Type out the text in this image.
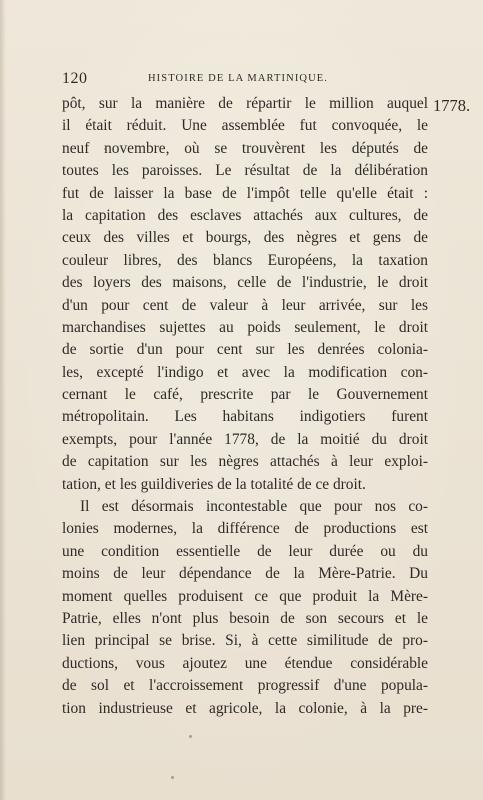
120	HISTOIRE DE LA MARTINIQUE.
1778.
pôt, sur la manière de répartir le million auquel
il était réduit. Une assemblée fut convoquée, le
neuf novembre, où se trouvèrent les députés de
toutes les paroisses. Le résultat de la délibération
fut de laisser la base de l'impôt telle qu'elle était :
la capitation des esclaves attachés aux cultures, de
ceux des villes et bourgs, des nègres et gens de
couleur libres, des blancs Européens, la taxation
des loyers des maisons, celle de l'industrie, le droit
d'un pour cent de valeur à leur arrivée, sur les
marchandises sujettes au poids seulement, le droit
de sortie d'un pour cent sur les denrées colonia-
les, excepté l'indigo et avec la modification con-
cernant le café, prescrite par le Gouvernement
métropolitain. Les habitans indigotiers furent
exempts, pour l'année 1778, de la moitié du droit
de capitation sur les nègres attachés à leur exploi-
tation, et les guildiveries de la totalité de ce droit.
Il est désormais incontestable que pour nos co-
lonies modernes, la différence de productions est
une condition essentielle de leur durée ou du
moins de leur dépendance de la Mère-Patrie. Du
moment quelles produisent ce que produit la Mère-
Patrie, elles n'ont plus besoin de son secours et le
lien principal se brise. Si, à cette similitude de pro-
ductions, vous ajoutez une étendue considérable
de sol et l'accroissement progressif d'une popula-
tion industrieuse et agricole, la colonie, à la pre-
